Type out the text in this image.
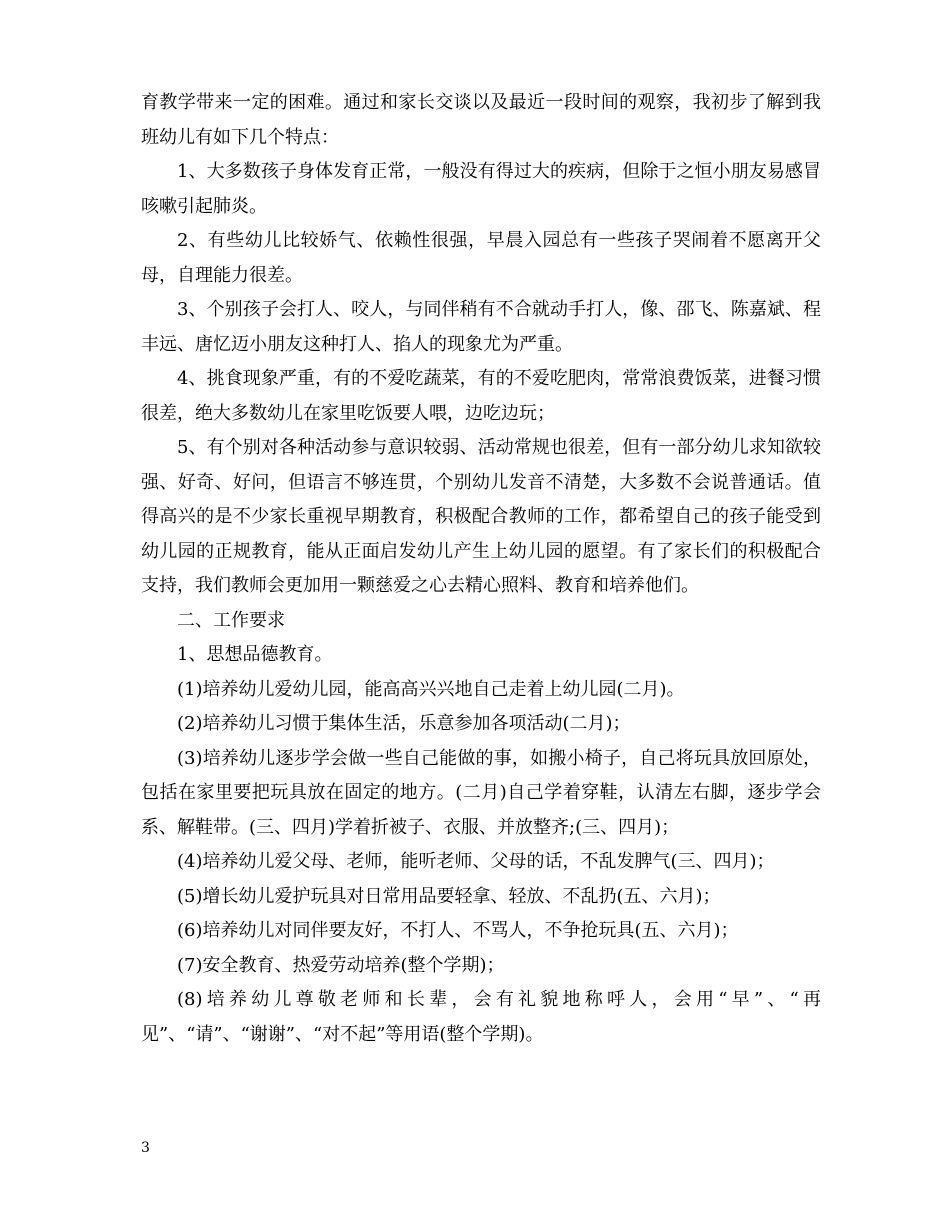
育教学带来一定的困难。通过和家长交谈以及最近一段时间的观察，我初步了解到我班幼儿有如下几个特点：

1、大多数孩子身体发育正常，一般没有得过大的疾病，但除于之恒小朋友易感冒咳嗽引起肺炎。

2、有些幼儿比较娇气、依赖性很强，早晨入园总有一些孩子哭闹着不愿离开父母，自理能力很差。

3、个别孩子会打人、咬人，与同伴稍有不合就动手打人，像、邵飞、陈嘉斌、程丰远、唐忆迈小朋友这种打人、掐人的现象尤为严重。

4、挑食现象严重，有的不爱吃蔬菜，有的不爱吃肥肉，常常浪费饭菜，进餐习惯很差，绝大多数幼儿在家里吃饭要人喂，边吃边玩；

5、有个别对各种活动参与意识较弱、活动常规也很差，但有一部分幼儿求知欲较强、好奇、好问，但语言不够连贯，个别幼儿发音不清楚，大多数不会说普通话。值得高兴的是不少家长重视早期教育，积极配合教师的工作，都希望自己的孩子能受到幼儿园的正规教育，能从正面启发幼儿产生上幼儿园的愿望。有了家长们的积极配合支持，我们教师会更加用一颗慈爱之心去精心照料、教育和培养他们。

二、工作要求

1、思想品德教育。

(1)培养幼儿爱幼儿园，能高高兴兴地自己走着上幼儿园(二月)。

(2)培养幼儿习惯于集体生活，乐意参加各项活动(二月)；

(3)培养幼儿逐步学会做一些自己能做的事，如搬小椅子，自己将玩具放回原处，包括在家里要把玩具放在固定的地方。(二月)自己学着穿鞋，认清左右脚，逐步学会系、解鞋带。(三、四月)学着折被子、衣服、并放整齐;(三、四月)；

(4)培养幼儿爱父母、老师，能听老师、父母的话，不乱发脾气(三、四月)；

(5)增长幼儿爱护玩具对日常用品要轻拿、轻放、不乱扔(五、六月)；

(6)培养幼儿对同伴要友好，不打人、不骂人，不争抢玩具(五、六月)；

(7)安全教育、热爱劳动培养(整个学期)；

(8)培养幼儿尊敬老师和长辈，会有礼貌地称呼人，会用“早”、“再见”、“请”、“谢谢”、“对不起”等用语(整个学期)。

3
